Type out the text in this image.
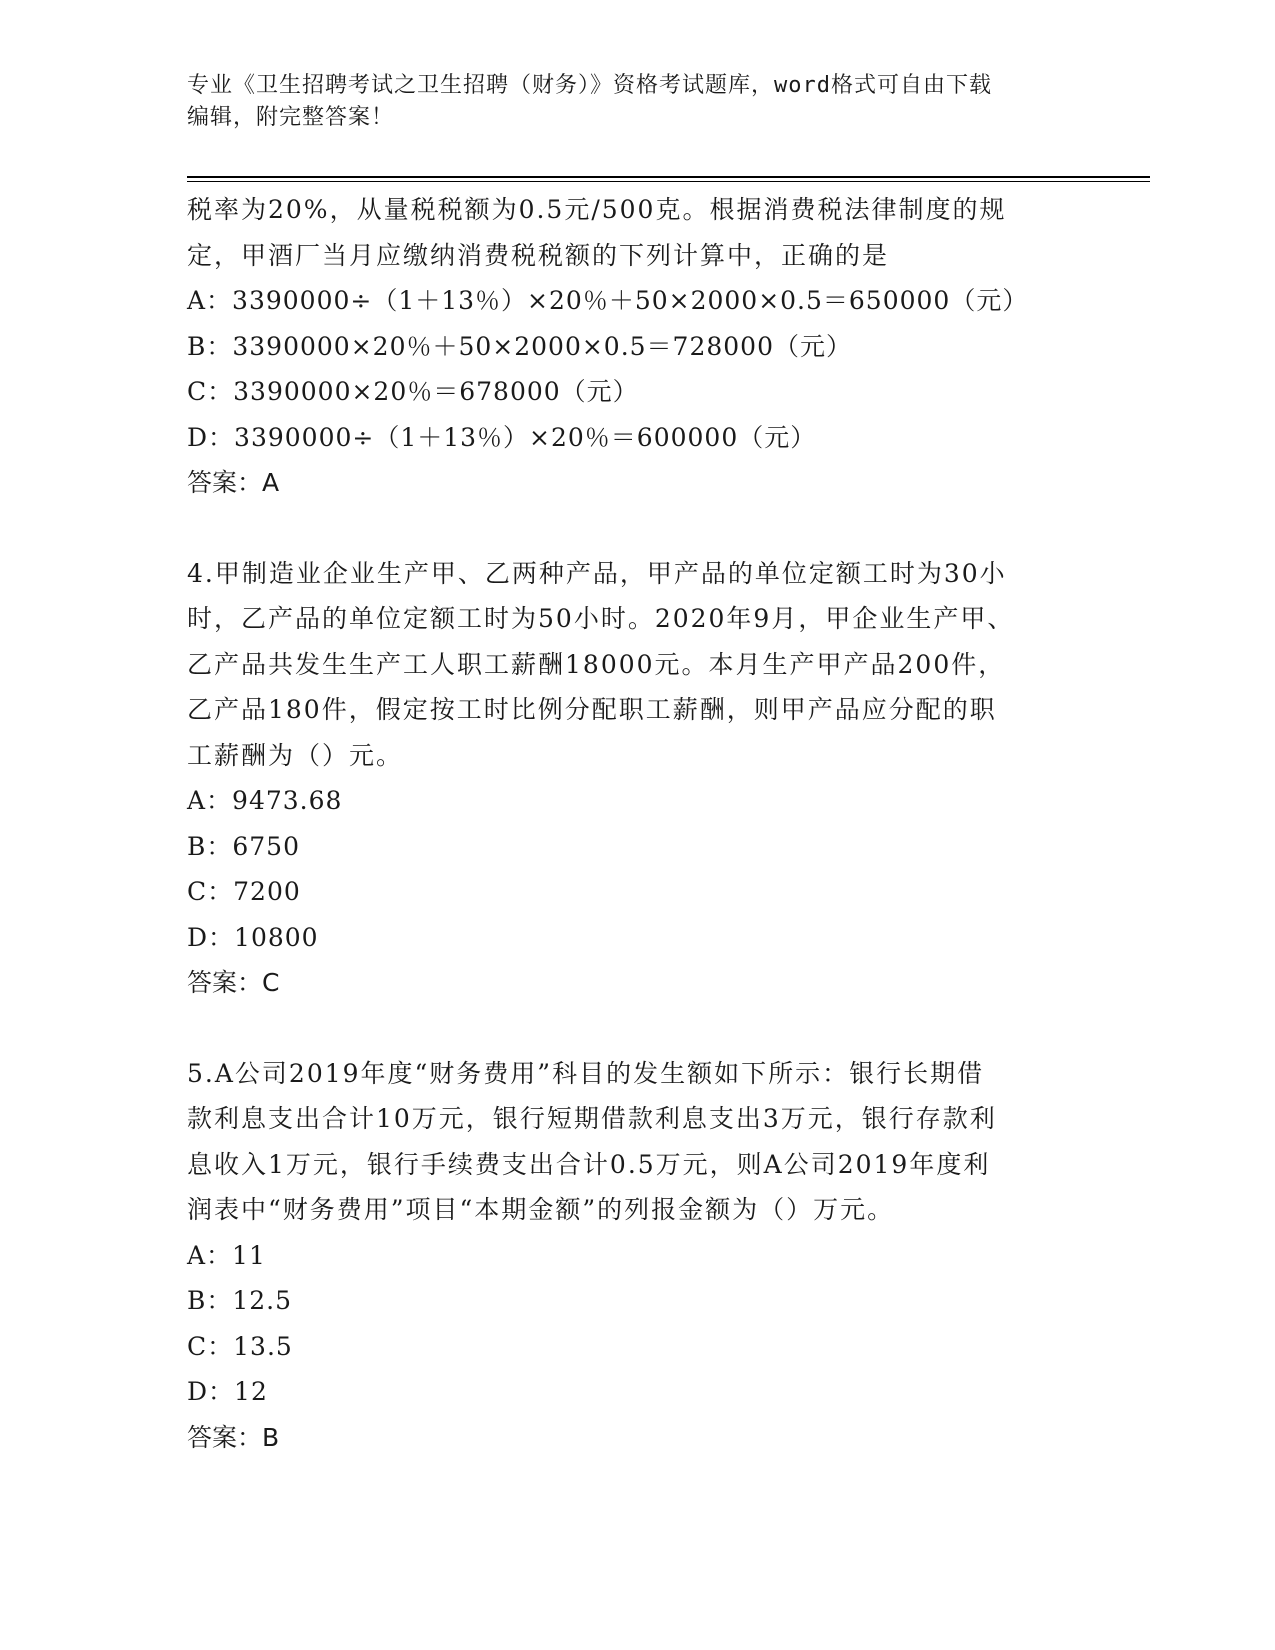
专业《卫生招聘考试之卫生招聘（财务）》资格考试题库，word格式可自由下载
编辑，附完整答案！
税率为20%，从量税税额为0.5元/500克。根据消费税法律制度的规
定，甲酒厂当月应缴纳消费税税额的下列计算中，正确的是
A：3390000÷（1＋13％）×20％＋50×2000×0.5＝650000（元）
B：3390000×20％＋50×2000×0.5＝728000（元）
C：3390000×20％＝678000（元）
D：3390000÷（1＋13％）×20％＝600000（元）
答案：A
4.甲制造业企业生产甲、乙两种产品，甲产品的单位定额工时为30小
时，乙产品的单位定额工时为50小时。2020年9月，甲企业生产甲、
乙产品共发生生产工人职工薪酬18000元。本月生产甲产品200件，
乙产品180件，假定按工时比例分配职工薪酬，则甲产品应分配的职
工薪酬为（）元。
A：9473.68
B：6750
C：7200
D：10800
答案：C
5.A公司2019年度“财务费用”科目的发生额如下所示：银行长期借
款利息支出合计10万元，银行短期借款利息支出3万元，银行存款利
息收入1万元，银行手续费支出合计0.5万元，则A公司2019年度利
润表中“财务费用”项目“本期金额”的列报金额为（）万元。
A：11
B：12.5
C：13.5
D：12
答案：B
